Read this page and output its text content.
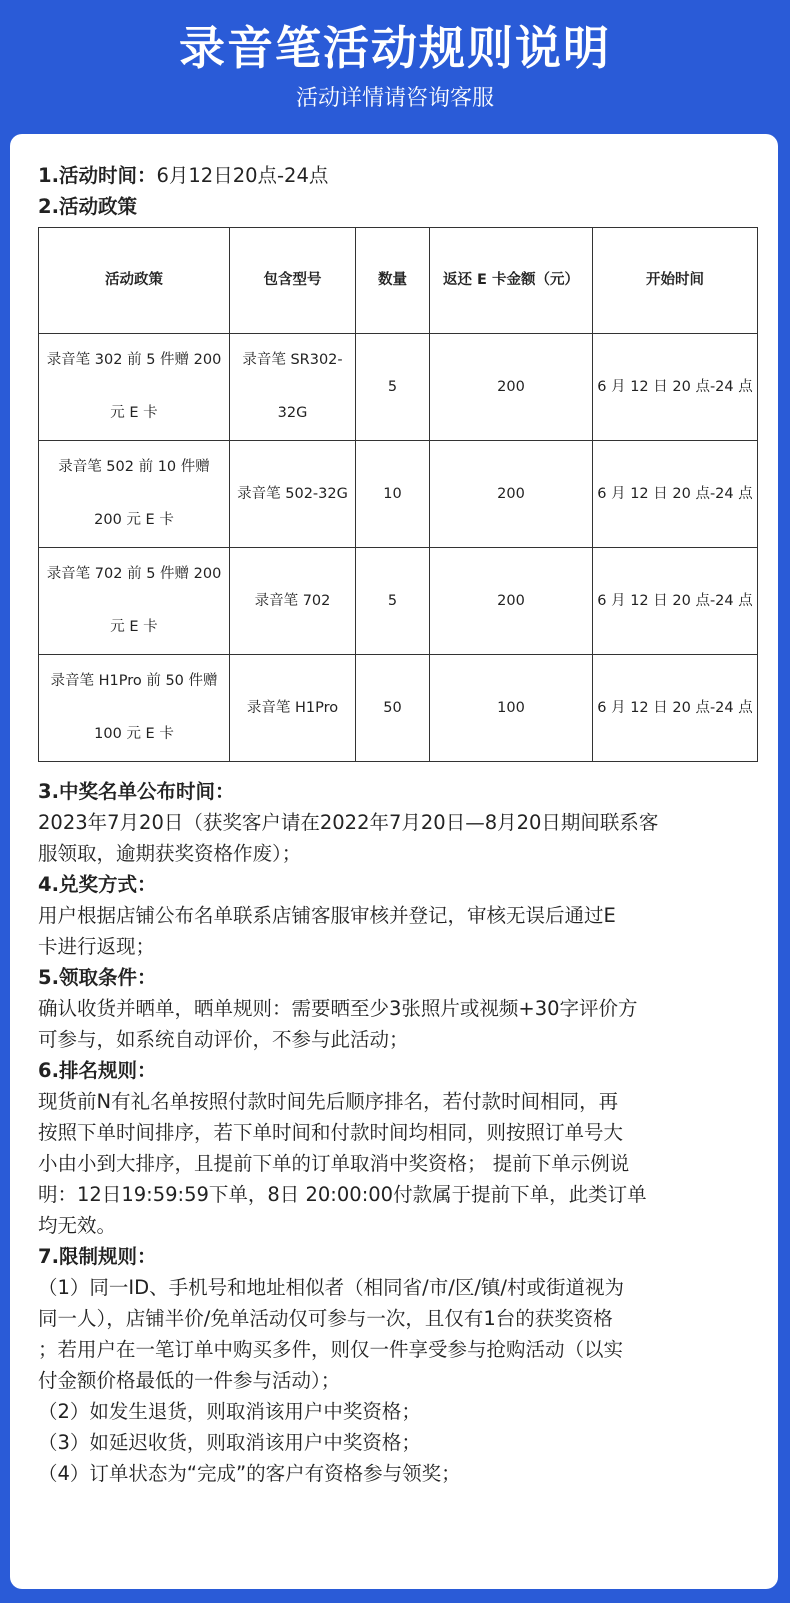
录音笔活动规则说明
活动详情请咨询客服
1.活动时间：6月12日20点-24点
2.活动政策
活动政策	包含型号	数量	返还 E 卡金额（元）	开始时间
录音笔 302 前 5 件赠 200 元 E 卡	录音笔 SR302-32G	5	200	6 月 12 日 20 点-24 点
录音笔 502 前 10 件赠 200 元 E 卡	录音笔 502-32G	10	200	6 月 12 日 20 点-24 点
录音笔 702 前 5 件赠 200 元 E 卡	录音笔 702	5	200	6 月 12 日 20 点-24 点
录音笔 H1Pro 前 50 件赠 100 元 E 卡	录音笔 H1Pro	50	100	6 月 12 日 20 点-24 点
3.中奖名单公布时间：
2023年7月20日（获奖客户请在2022年7月20日—8月20日期间联系客
服领取，逾期获奖资格作废）；
4.兑奖方式：
用户根据店铺公布名单联系店铺客服审核并登记，审核无误后通过E
卡进行返现；
5.领取条件：
确认收货并晒单，晒单规则：需要晒至少3张照片或视频+30字评价方
可参与，如系统自动评价，不参与此活动；
6.排名规则：
现货前N有礼名单按照付款时间先后顺序排名，若付款时间相同，再
按照下单时间排序，若下单时间和付款时间均相同，则按照订单号大
小由小到大排序，且提前下单的订单取消中奖资格； 提前下单示例说
明：12日19:59:59下单，8日 20:00:00付款属于提前下单，此类订单
均无效。
7.限制规则：
（1）同一ID、手机号和地址相似者（相同省/市/区/镇/村或街道视为
同一人），店铺半价/免单活动仅可参与一次，且仅有1台的获奖资格
；若用户在一笔订单中购买多件，则仅一件享受参与抢购活动（以实
付金额价格最低的一件参与活动）；
（2）如发生退货，则取消该用户中奖资格；
（3）如延迟收货，则取消该用户中奖资格；
（4）订单状态为“完成”的客户有资格参与领奖；
